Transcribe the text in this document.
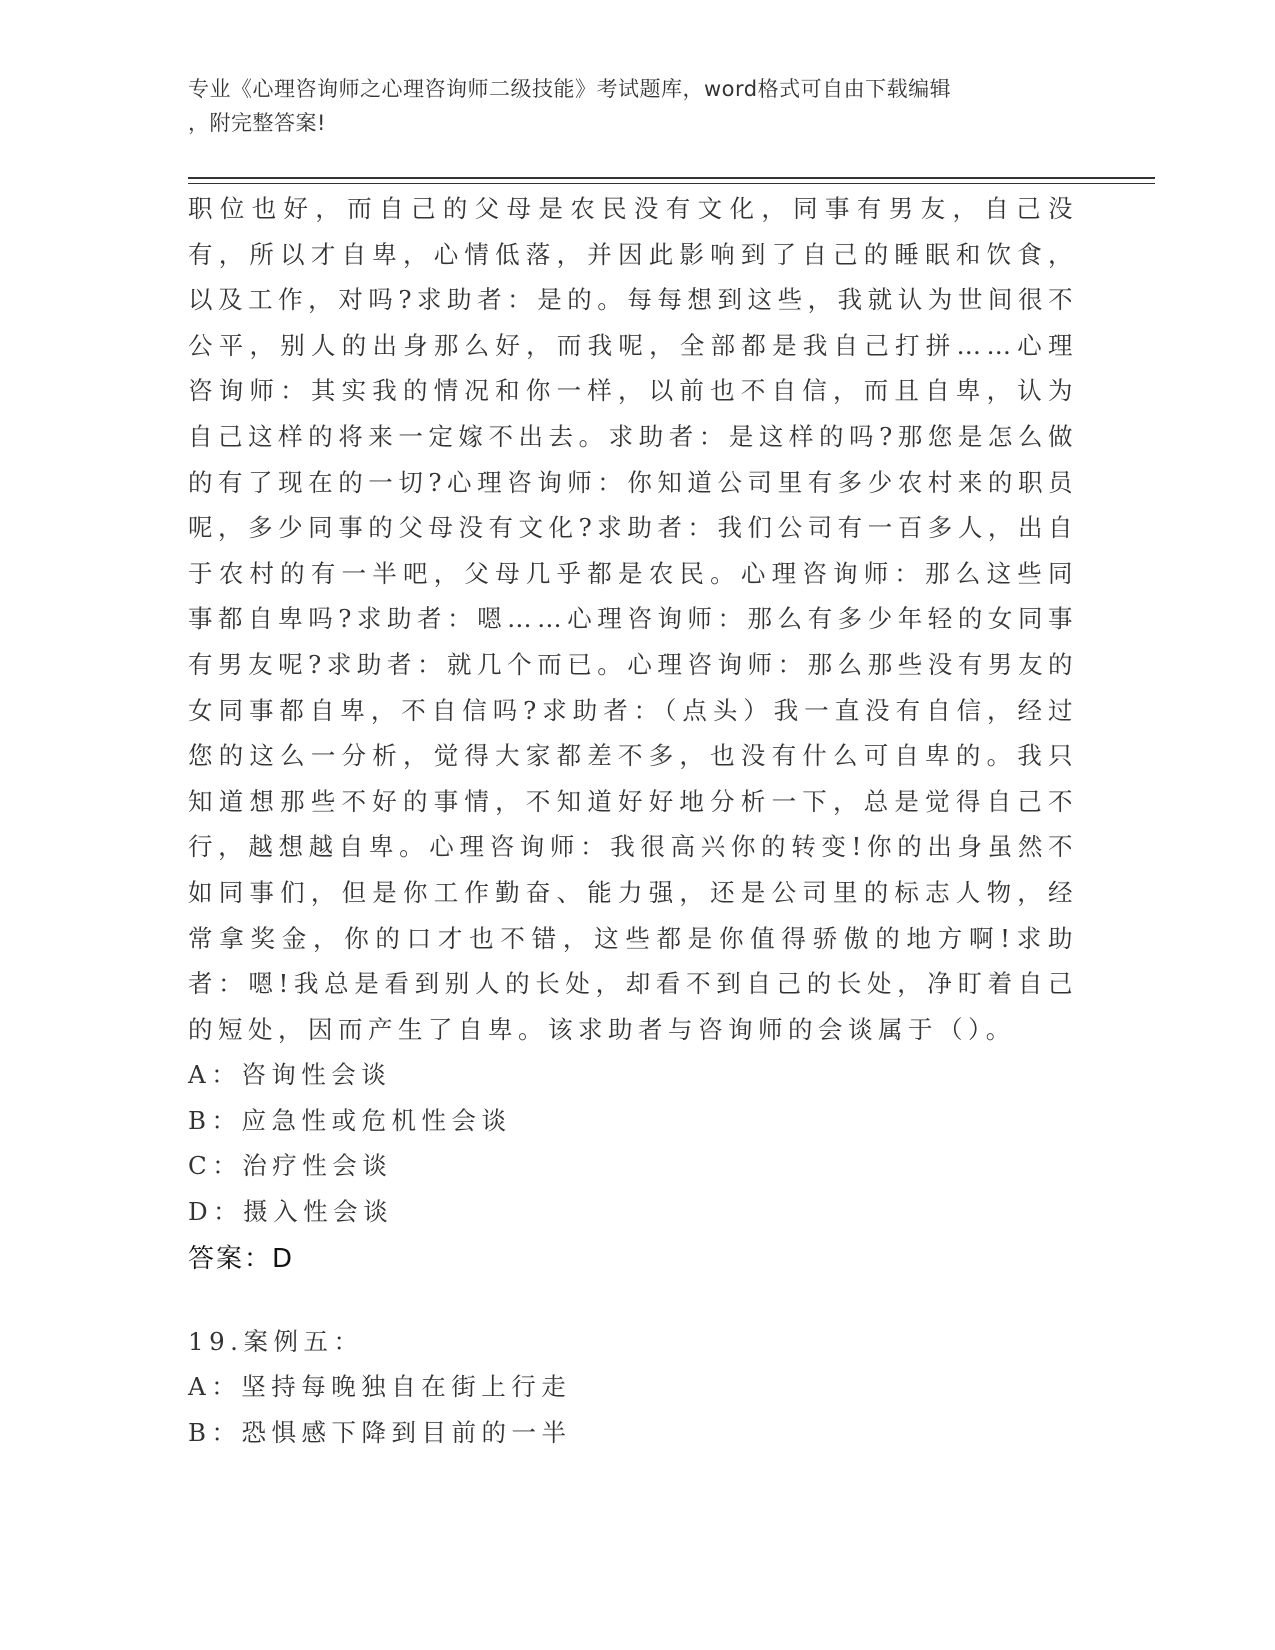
专业《心理咨询师之心理咨询师二级技能》考试题库，word格式可自由下载编辑
，附完整答案!

职位也好，而自己的父母是农民没有文化，同事有男友，自己没有，所以才自卑，心情低落，并因此影响到了自己的睡眠和饮食，以及工作，对吗?求助者：是的。每每想到这些，我就认为世间很不公平，别人的出身那么好，而我呢，全部都是我自己打拼……心理咨询师：其实我的情况和你一样，以前也不自信，而且自卑，认为自己这样的将来一定嫁不出去。求助者：是这样的吗?那您是怎么做的有了现在的一切?心理咨询师：你知道公司里有多少农村来的职员呢，多少同事的父母没有文化?求助者：我们公司有一百多人，出自于农村的有一半吧，父母几乎都是农民。心理咨询师：那么这些同事都自卑吗?求助者：嗯……心理咨询师：那么有多少年轻的女同事有男友呢?求助者：就几个而已。心理咨询师：那么那些没有男友的女同事都自卑，不自信吗?求助者：（点头）我一直没有自信，经过您的这么一分析，觉得大家都差不多，也没有什么可自卑的。我只知道想那些不好的事情，不知道好好地分析一下，总是觉得自己不行，越想越自卑。心理咨询师：我很高兴你的转变!你的出身虽然不如同事们，但是你工作勤奋、能力强，还是公司里的标志人物，经常拿奖金，你的口才也不错，这些都是你值得骄傲的地方啊!求助者：嗯!我总是看到别人的长处，却看不到自己的长处，净盯着自己的短处，因而产生了自卑。该求助者与咨询师的会谈属于（）。

A：咨询性会谈

B：应急性或危机性会谈

C：治疗性会谈

D：摄入性会谈

答案：D

19.案例五：

A：坚持每晚独自在街上行走

B：恐惧感下降到目前的一半
